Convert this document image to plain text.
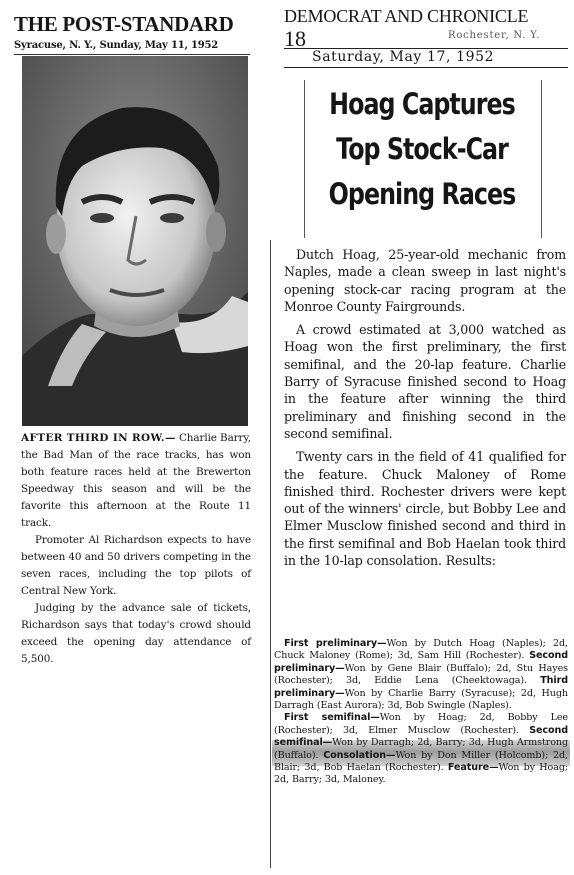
THE POST-STANDARD
Syracuse, N. Y., Sunday, May 11, 1952

AFTER THIRD IN ROW.— Charlie Barry, the Bad Man of the race tracks, has won both feature races held at the Brewerton Speedway this season and will be the favorite this afternoon at the Route 11 track.

Promoter Al Richardson expects to have between 40 and 50 drivers competing in the seven races, including the top pilots of Central New York.

Judging by the advance sale of tickets, Richardson says that today's crowd should exceed the opening day attendance of 5,500.

DEMOCRAT AND CHRONICLE
18	Rochester, N. Y.
Saturday, May 17, 1952
Hoag Captures
Top Stock-Car
Opening Races

Dutch Hoag, 25-year-old mechanic from Naples, made a clean sweep in last night's opening stock-car racing program at the Monroe County Fairgrounds.

A crowd estimated at 3,000 watched as Hoag won the first preliminary, the first semifinal, and the 20-lap feature. Charlie Barry of Syracuse finished second to Hoag in the feature after winning the third preliminary and finishing second in the second semifinal.

Twenty cars in the field of 41 qualified for the feature. Chuck Maloney of Rome finished third. Rochester drivers were kept out of the winners' circle, but Bobby Lee and Elmer Musclow finished second and third in the first semifinal and Bob Haelan took third in the 10-lap consolation. Results:

First preliminary—Won by Dutch Hoag (Naples); 2d, Chuck Maloney (Rome); 3d, Sam Hill (Rochester). Second preliminary—Won by Gene Blair (Buffalo); 2d, Stu Hayes (Rochester); 3d, Eddie Lena (Cheektowaga). Third preliminary—Won by Charlie Barry (Syracuse); 2d, Hugh Darragh (East Aurora); 3d, Bob Swingle (Naples).

First semifinal—Won by Hoag; 2d, Bobby Lee (Rochester); 3d, Elmer Musclow (Rochester). Second semifinal—Won by Darragh; 2d, Barry; 3d, Hugh Armstrong (Buffalo). Consolation—Won by Don Miller (Holcomb); 2d, Blair; 3d, Bob Haelan (Rochester). Feature—Won by Hoag; 2d, Barry; 3d, Maloney.
